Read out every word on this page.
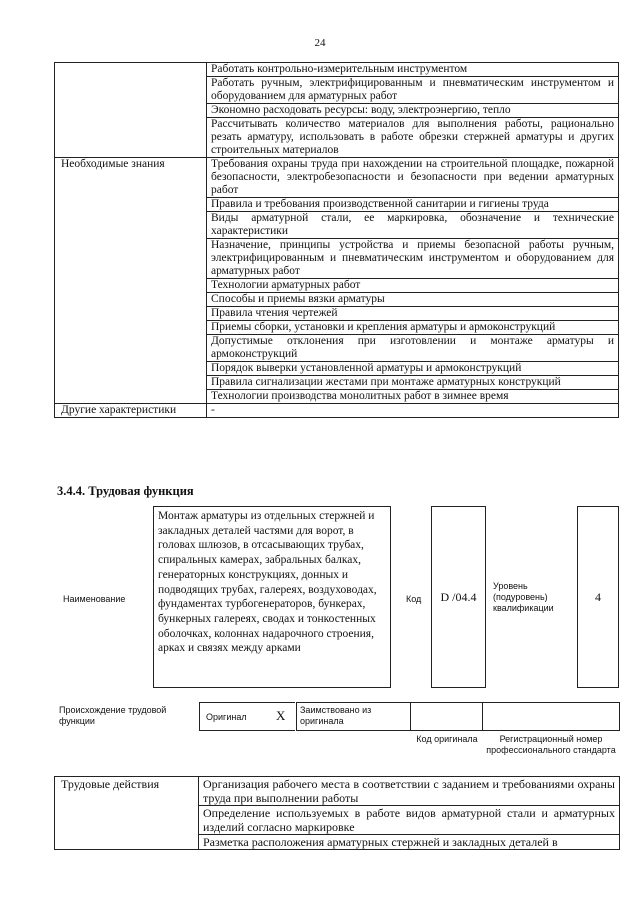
24
	Работать контрольно-измерительным инструментом
	Работать ручным, электрифицированным и пневматическим инструментом и оборудованием для арматурных работ
	Экономно расходовать ресурсы: воду, электроэнергию, тепло
	Рассчитывать количество материалов для выполнения работы, рационально резать арматуру, использовать в работе обрезки стержней арматуры и других строительных материалов
Необходимые знания	Требования охраны труда при нахождении на строительной площадке, пожарной безопасности, электробезопасности и безопасности при ведении арматурных работ
	Правила и требования производственной санитарии и гигиены труда
	Виды арматурной стали, ее маркировка, обозначение и технические характеристики
	Назначение, принципы устройства и приемы безопасной работы ручным, электрифицированным и пневматическим инструментом и оборудованием для арматурных работ
	Технологии арматурных работ
	Способы и приемы вязки арматуры
	Правила чтения чертежей
	Приемы сборки, установки и крепления арматуры и армоконструкций
	Допустимые отклонения при изготовлении и монтаже арматуры и армоконструкций
	Порядок выверки установленной арматуры и армоконструкций
	Правила сигнализации жестами при монтаже арматурных конструкций
	Технологии производства монолитных работ в зимнее время
Другие характеристики	-
3.4.4. Трудовая функция
Наименование
Монтаж арматуры из отдельных стержней и закладных деталей частями для ворот, в головах шлюзов, в отсасывающих трубах, спиральных камерах, забральных балках, генераторных конструкциях, донных и подводящих трубах, галереях, воздуховодах, фундаментах турбогенераторов, бункерах, бункерных галереях, сводах и тонкостенных оболочках, колоннах надарочного строения, арках и связях между арками
Код	D /04.4
Уровень (подуровень) квалификации
4
Происхождение трудовой функции	Оригинал X Заимствовано из оригинала
Код оригинала	Регистрационный номер профессионального стандарта
Трудовые действия	Организация рабочего места в соответствии с заданием и требованиями охраны труда при выполнении работы
Определение используемых в работе видов арматурной стали и арматурных изделий согласно маркировке
Разметка расположения арматурных стержней и закладных деталей в
